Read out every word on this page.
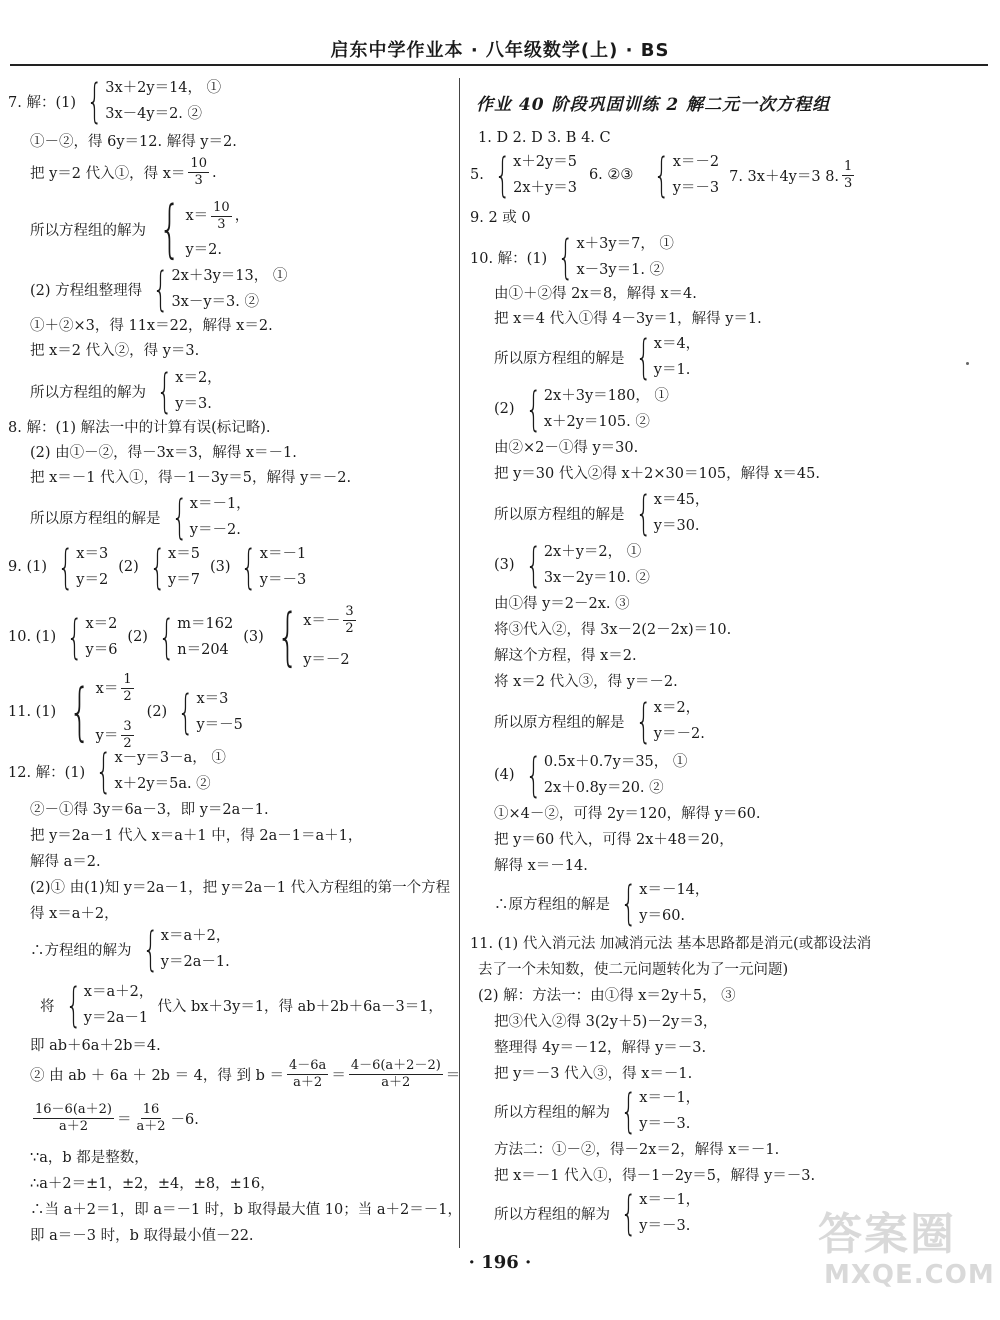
启东中学作业本 · 八年级数学(上) · BS
7. 解：(1) { 3x＋2y＝14， ①
3x－4y＝2. ②
①－②，得 6y＝12. 解得 y＝2.
把 y＝2 代入①，得 $x= \frac{10}{3}$ .
所以方程组的解为 { $x= \frac{10}{3}$ ，
y＝2.
(2) 方程组整理得 { 2x＋3y＝13， ①
3x－y＝3. ②
①＋②×3，得 11x＝22，解得 x＝2.
把 x＝2 代入②，得 y＝3.
所以方程组的解为 { x＝2，
y＝3.
8. 解：(1) 解法一中的计算有误(标记略).
(2) 由①－②，得－3x＝3，解得 x＝－1.
把 x＝－1 代入①，得－1－3y＝5，解得 y＝－2.
所以原方程组的解是 { x＝－1，
y＝－2.
9. (1) { x＝3
y＝2
(2) { x＝5
y＝7
(3) { x＝－1
y＝－3
10. (1) { x＝2
y＝6
(2) { m＝162
n＝204
(3) { $x=- \frac{3}{2}$
y＝－2
11. (1) { $x= \frac{1}{2}$
$y= \frac{3}{2}$
(2) { x＝3
y＝－5
12. 解：(1) { x－y＝3－a， ①
x＋2y＝5a. ②
②－①得 3y＝6a－3，即 y＝2a－1.
把 y＝2a－1 代入 x＝a＋1 中，得 2a－1＝a＋1，
解得 a＝2.
(2)① 由(1)知 y＝2a－1，把 y＝2a－1 代入方程组的第一个方程
得 x＝a＋2，
∴方程组的解为 { x＝a＋2，
y＝2a－1.
将 { x＝a＋2，
y＝2a－1
代入 bx＋3y＝1，得 ab＋2b＋6a－3＝1，
即 ab＋6a＋2b＝4.
② 由 ab ＋ 6a ＋ 2b ＝ 4，得 到 $b = \frac{4-6a}{a+2} = \frac{4-6(a+2-2)}{a+2}$ ＝
$\frac{16-6(a+2)}{a+2} = \frac{16}{a+2} -6$.
∵a，b 都是整数，
∴a＋2＝±1，±2，±4，±8，±16，
∴当 a＋2＝1，即 a＝－1 时，b 取得最大值 10；当 a＋2＝－1，
即 a＝－3 时，b 取得最小值－22.
作业 40 阶段巩固训练 2 解二元一次方程组
1. D 2. D 3. B 4. C
5. { x＋2y＝5
2x＋y＝3
6. ②③ { x＝－2
y＝－3
7. 3x＋4y＝3 8. $\frac{1}{3}$
9. 2 或 0
10. 解：(1) { x＋3y＝7， ①
x－3y＝1. ②
由①＋②得 2x＝8，解得 x＝4.
把 x＝4 代入①得 4－3y＝1，解得 y＝1.
所以原方程组的解是 { x＝4，
y＝1.
(2) { 2x＋3y＝180， ①
x＋2y＝105. ②
由②×2－①得 y＝30.
把 y＝30 代入②得 x＋2×30＝105，解得 x＝45.
所以原方程组的解是 { x＝45，
y＝30.
(3) { 2x＋y＝2， ①
3x－2y＝10. ②
由①得 y＝2－2x. ③
将③代入②，得 3x－2(2－2x)＝10.
解这个方程，得 x＝2.
将 x＝2 代入③，得 y＝－2.
所以原方程组的解是 { x＝2，
y＝－2.
(4) { 0.5x＋0.7y＝35， ①
2x＋0.8y＝20. ②
①×4－②，可得 2y＝120，解得 y＝60.
把 y＝60 代入，可得 2x＋48＝20，
解得 x＝－14.
∴原方程组的解是 { x＝－14，
y＝60.
11. (1) 代入消元法 加减消元法 基本思路都是消元(或都设法消
去了一个未知数，使二元问题转化为了一元问题)
(2) 解：方法一：由①得 x＝2y＋5， ③
把③代入②得 3(2y＋5)－2y＝3，
整理得 4y＝－12，解得 y＝－3.
把 y＝－3 代入③，得 x＝－1.
所以方程组的解为 { x＝－1，
y＝－3.
方法二：①－②，得－2x＝2，解得 x＝－1.
把 x＝－1 代入①，得－1－2y＝5，解得 y＝－3.
所以方程组的解为 { x＝－1，
y＝－3.
· 196 ·
答案圈
MXQE.COM
